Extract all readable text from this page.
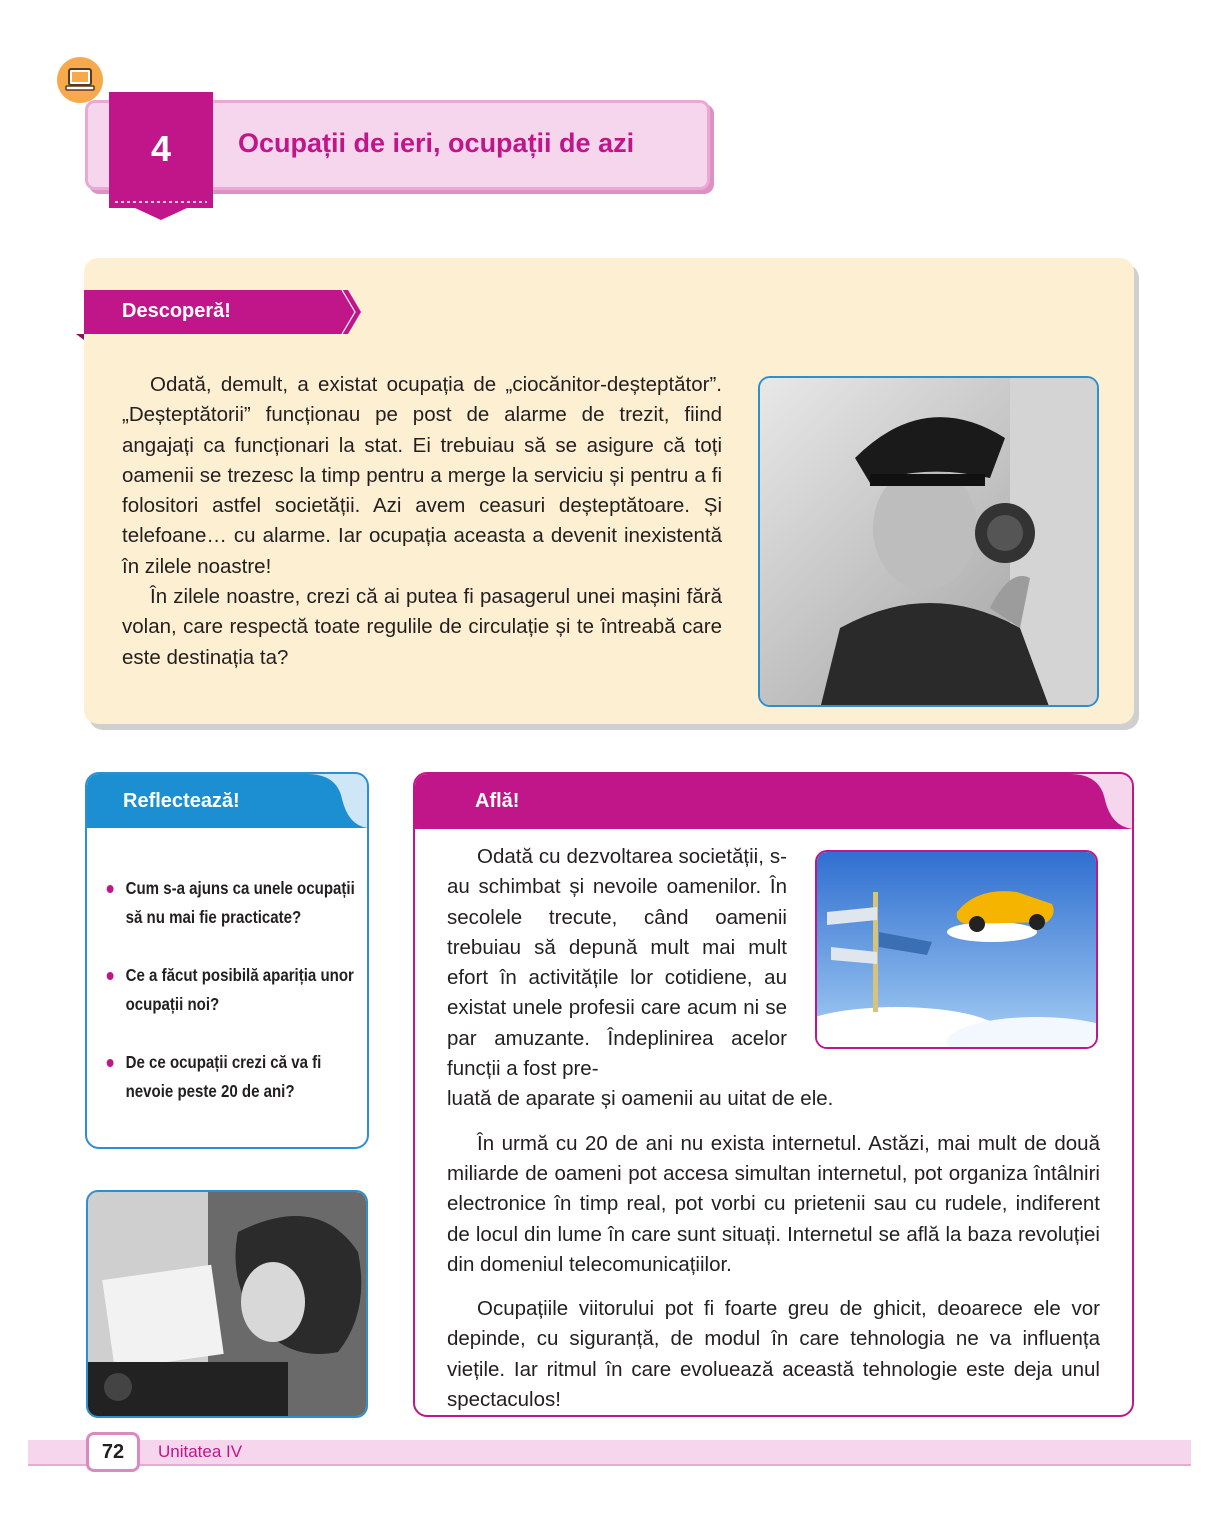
4	Ocupații de ieri, ocupații de azi
Descoperă!

Odată, demult, a existat ocupația de „ciocănitor-deșteptător”.„Deșteptătorii” funcționau pe post de alarme de trezit, fiind angajați ca funcționari la stat. Ei trebuiau să se asigure că toți oamenii se trezesc la timp pentru a merge la serviciu și pentru a fi folositori astfel societății. Azi avem ceasuri deșteptătoare. Și telefoane… cu alarme. Iar ocupația aceasta a devenit inexistentă în zilele noastre!

În zilele noastre, crezi că ai putea fi pasagerul unei mașini fără volan, care respectă toate regulile de circulație și te întreabă care este destinația ta?

Reflectează!
Cum s-a ajuns ca unele ocupații să nu mai fie practicate?
Ce a făcut posibilă apariția unor ocupații noi?
De ce ocupații crezi că va fi nevoie peste 20 de ani?
Află!

Odată cu dezvoltarea societății, s-au schimbat și nevoile oamenilor. În secolele trecute, când oamenii trebuiau să depună mult mai mult efort în activitățile lor cotidiene, au existat unele profesii care acum ni se par amuzante. Îndeplinirea acelor funcții a fost pre-

luată de aparate și oamenii au uitat de ele.

În urmă cu 20 de ani nu exista internetul. Astăzi, mai mult de două miliarde de oameni pot accesa simultan internetul, pot organiza întâlniri electronice în timp real, pot vorbi cu prietenii sau cu rudele, indiferent de locul din lume în care sunt situați. Internetul se află la baza revoluției din domeniul telecomunicațiilor.

Ocupațiile viitorului pot fi foarte greu de ghicit, deoarece ele vor depinde, cu siguranță, de modul în care tehnologia ne va influența viețile. Iar ritmul în care evoluează această tehnologie este deja unul spectaculos!

72	Unitatea IV
